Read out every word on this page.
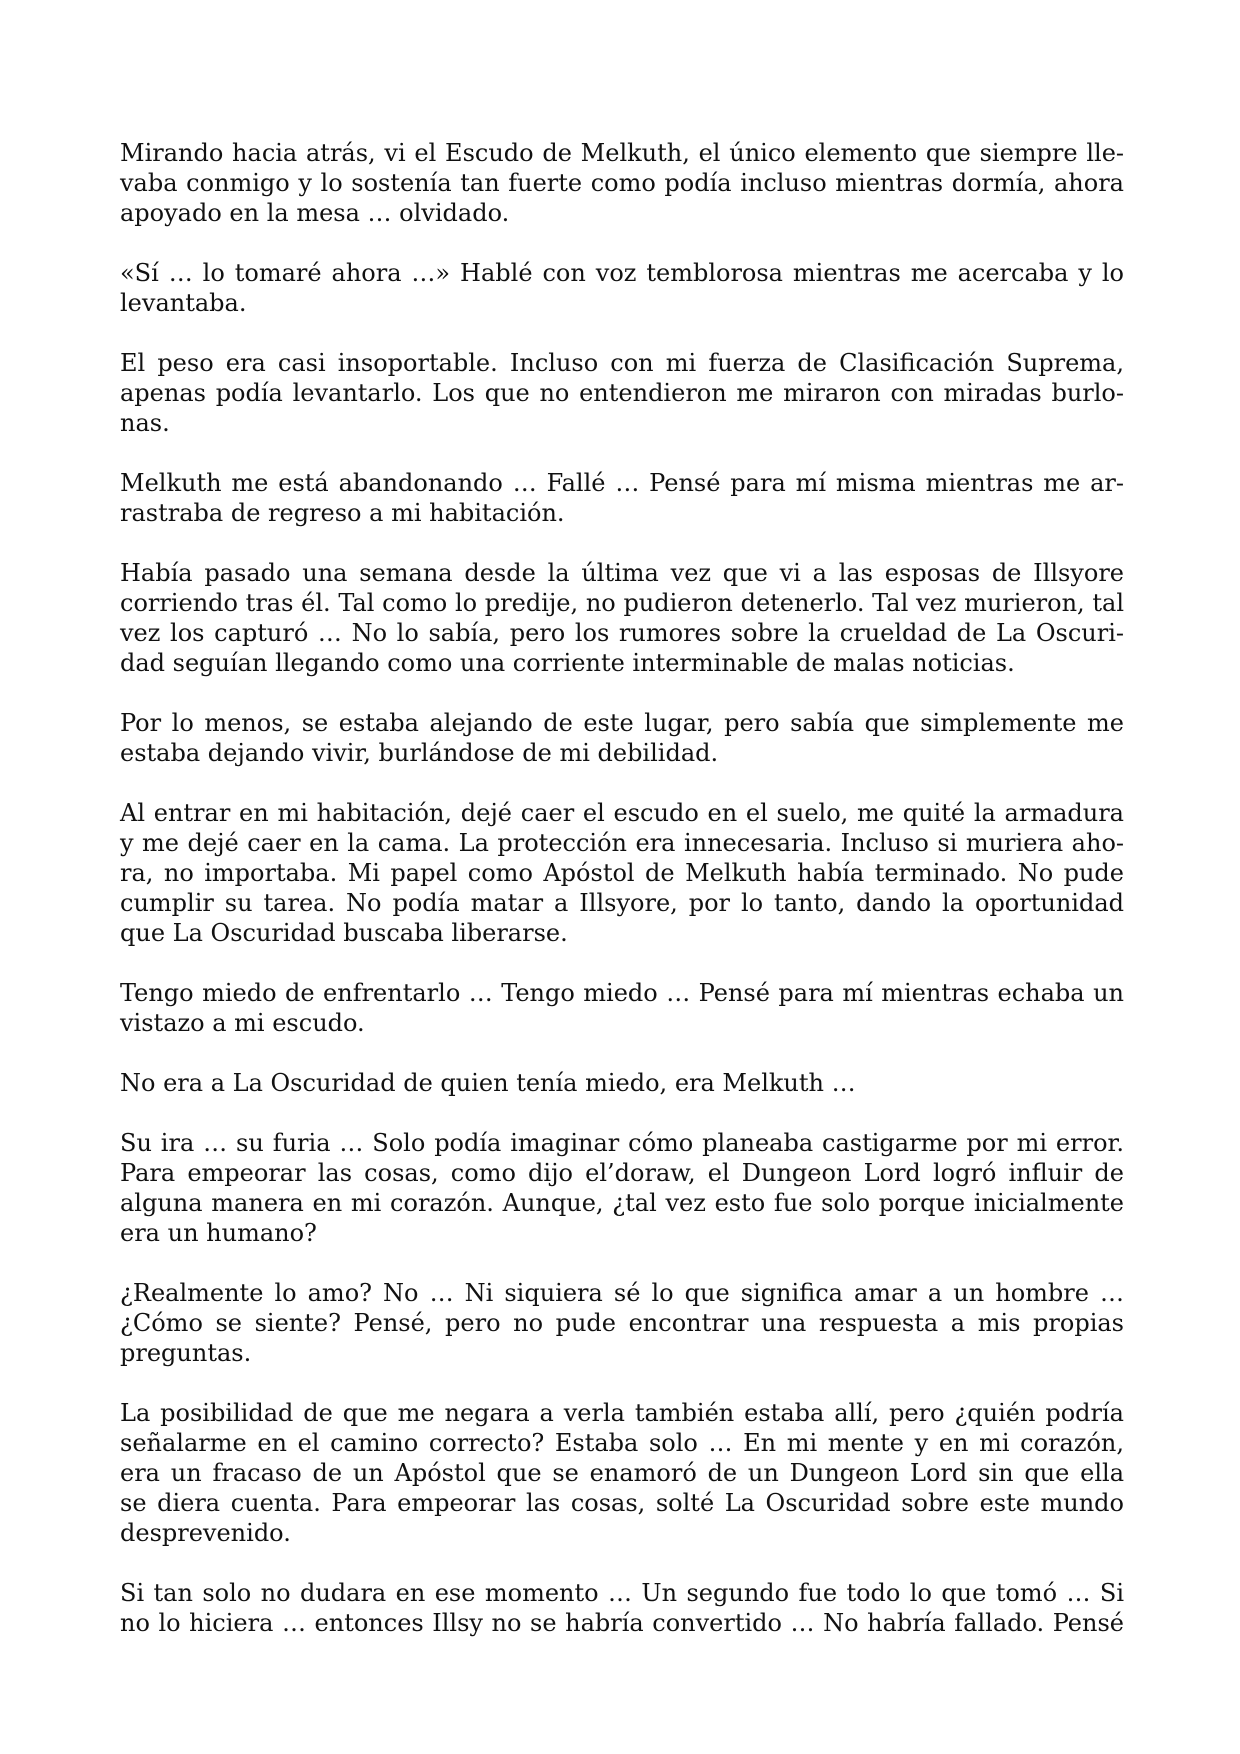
Mirando hacia atrás, vi el Escudo de Melkuth, el único elemento que siempre lle-
vaba conmigo y lo sostenía tan fuerte como podía incluso mientras dormía, ahora
apoyado en la mesa … olvidado.
«Sí … lo tomaré ahora …» Hablé con voz temblorosa mientras me acercaba y lo
levantaba.
El peso era casi insoportable. Incluso con mi fuerza de Clasificación Suprema,
apenas podía levantarlo. Los que no entendieron me miraron con miradas burlo-
nas.
Melkuth me está abandonando … Fallé … Pensé para mí misma mientras me ar-
rastraba de regreso a mi habitación.
Había pasado una semana desde la última vez que vi a las esposas de Illsyore
corriendo tras él. Tal como lo predije, no pudieron detenerlo. Tal vez murieron, tal
vez los capturó … No lo sabía, pero los rumores sobre la crueldad de La Oscuri-
dad seguían llegando como una corriente interminable de malas noticias.
Por lo menos, se estaba alejando de este lugar, pero sabía que simplemente me
estaba dejando vivir, burlándose de mi debilidad.
Al entrar en mi habitación, dejé caer el escudo en el suelo, me quité la armadura
y me dejé caer en la cama. La protección era innecesaria. Incluso si muriera aho-
ra, no importaba. Mi papel como Apóstol de Melkuth había terminado. No pude
cumplir su tarea. No podía matar a Illsyore, por lo tanto, dando la oportunidad
que La Oscuridad buscaba liberarse.
Tengo miedo de enfrentarlo … Tengo miedo … Pensé para mí mientras echaba un
vistazo a mi escudo.
No era a La Oscuridad de quien tenía miedo, era Melkuth …
Su ira … su furia … Solo podía imaginar cómo planeaba castigarme por mi error.
Para empeorar las cosas, como dijo el’doraw, el Dungeon Lord logró influir de
alguna manera en mi corazón. Aunque, ¿tal vez esto fue solo porque inicialmente
era un humano?
¿Realmente lo amo? No … Ni siquiera sé lo que significa amar a un hombre …
¿Cómo se siente? Pensé, pero no pude encontrar una respuesta a mis propias
preguntas.
La posibilidad de que me negara a verla también estaba allí, pero ¿quién podría
señalarme en el camino correcto? Estaba solo … En mi mente y en mi corazón,
era un fracaso de un Apóstol que se enamoró de un Dungeon Lord sin que ella
se diera cuenta. Para empeorar las cosas, solté La Oscuridad sobre este mundo
desprevenido.
Si tan solo no dudara en ese momento … Un segundo fue todo lo que tomó … Si
no lo hiciera … entonces Illsy no se habría convertido … No habría fallado. Pensé
